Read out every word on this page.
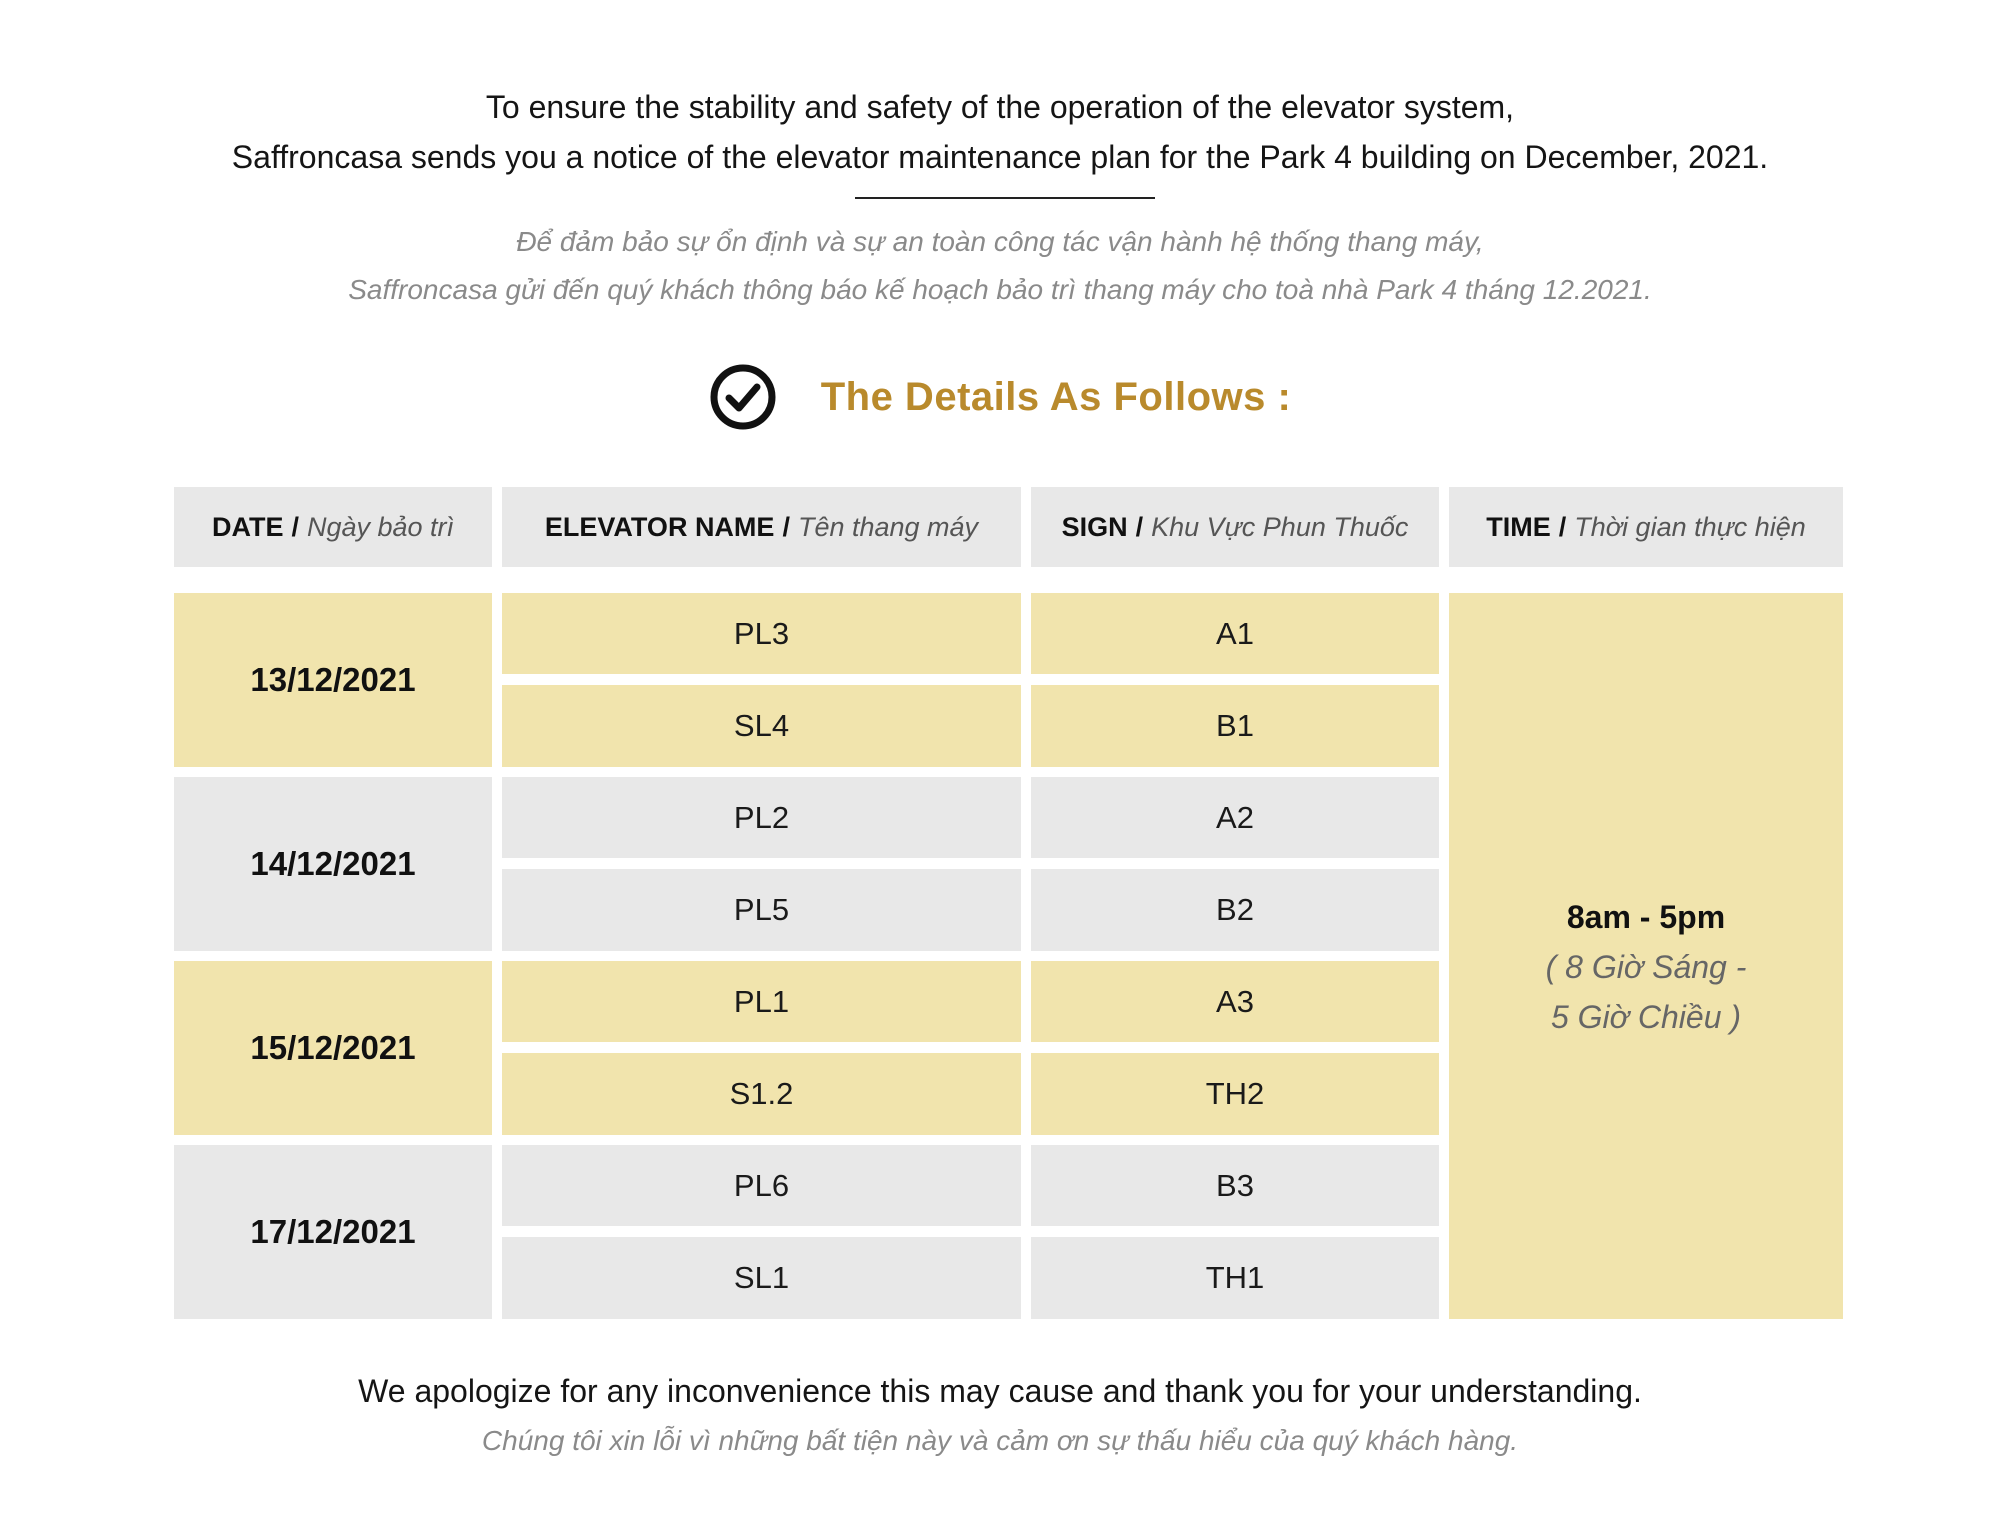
To ensure the stability and safety of the operation of the elevator system,
Saffroncasa sends you a notice of the elevator maintenance plan for the Park 4 building on December, 2021.
Để đảm bảo sự ổn định và sự an toàn công tác vận hành hệ thống thang máy,
Saffroncasa gửi đến quý khách thông báo kế hoạch bảo trì thang máy cho toà nhà Park 4 tháng 12.2021.
The Details As Follows :
DATE / Ngày bảo trì	ELEVATOR NAME / Tên thang máy	SIGN / Khu Vực Phun Thuốc	TIME / Thời gian thực hiện
13/12/2021
PL3	A1
SL4	B1
14/12/2021
PL2	A2
PL5	B2
15/12/2021
PL1	A3
S1.2	TH2
17/12/2021
PL6	B3
SL1	TH1
8am - 5pm
( 8 Giờ Sáng -
5 Giờ Chiều )
We apologize for any inconvenience this may cause and thank you for your understanding.
Chúng tôi xin lỗi vì những bất tiện này và cảm ơn sự thấu hiểu của quý khách hàng.
